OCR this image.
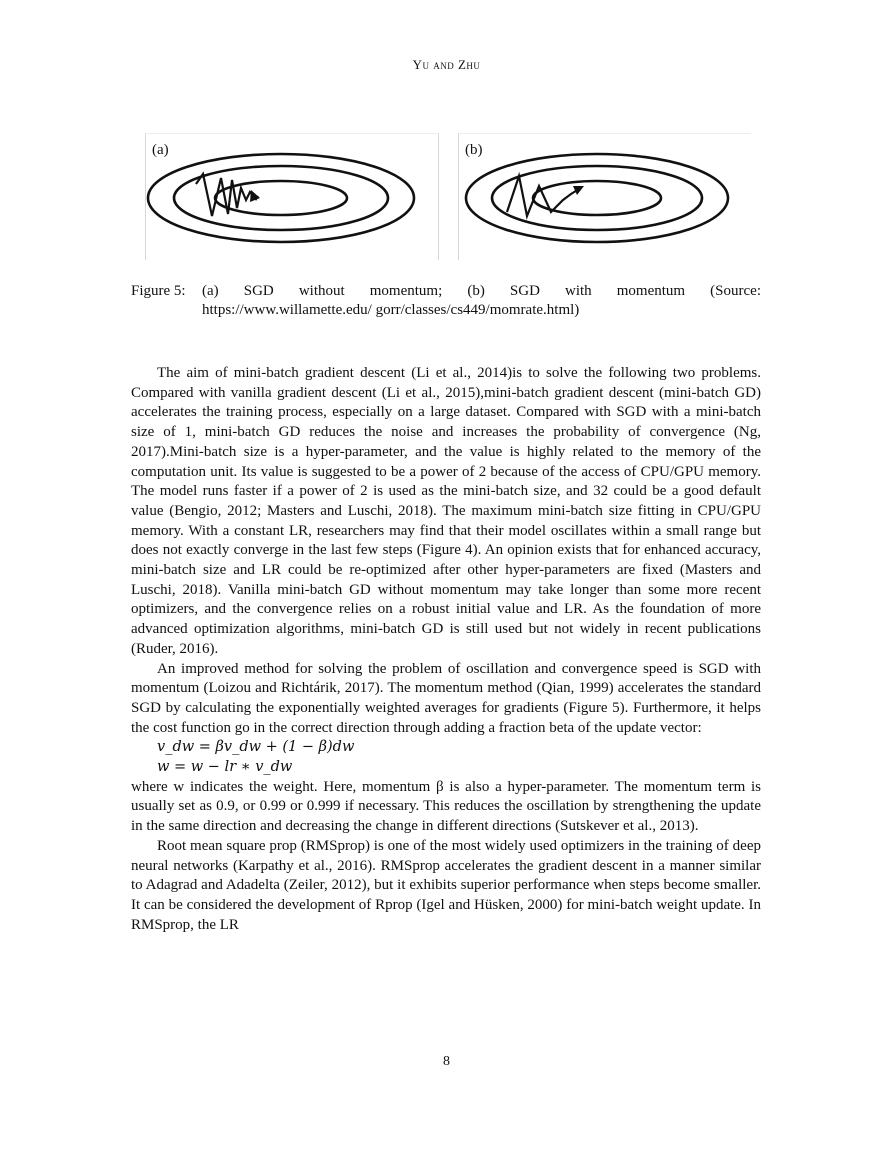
Yu and Zhu
(a)	(b)
Figure 5: (a) SGD without momentum; (b) SGD with momentum (Source:
https://www.willamette.edu/ gorr/classes/cs449/momrate.html)

The aim of mini-batch gradient descent (Li et al., 2014)is to solve the following two problems. Compared with vanilla gradient descent (Li et al., 2015),mini-batch gradient descent (mini-batch GD) accelerates the training process, especially on a large dataset. Compared with SGD with a mini-batch size of 1, mini-batch GD reduces the noise and increases the probability of convergence (Ng, 2017).Mini-batch size is a hyper-parameter, and the value is highly related to the memory of the computation unit. Its value is suggested to be a power of 2 because of the access of CPU/GPU memory. The model runs faster if a power of 2 is used as the mini-batch size, and 32 could be a good default value (Bengio, 2012; Masters and Luschi, 2018). The maximum mini-batch size fitting in CPU/GPU memory. With a constant LR, researchers may find that their model oscillates within a small range but does not exactly converge in the last few steps (Figure 4). An opinion exists that for enhanced accuracy, mini-batch size and LR could be re-optimized after other hyper-parameters are fixed (Masters and Luschi, 2018). Vanilla mini-batch GD without momentum may take longer than some more recent optimizers, and the convergence relies on a robust initial value and LR. As the foundation of more advanced optimization algorithms, mini-batch GD is still used but not widely in recent publications (Ruder, 2016).

An improved method for solving the problem of oscillation and convergence speed is SGD with momentum (Loizou and Richtárik, 2017). The momentum method (Qian, 1999) accelerates the standard SGD by calculating the exponentially weighted averages for gradients (Figure 5). Furthermore, it helps the cost function go in the correct direction through adding a fraction beta of the update vector:

v_dw = βv_dw + (1 − β)dw

w = w − lr ∗ v_dw

where w indicates the weight. Here, momentum β is also a hyper-parameter. The momentum term is usually set as 0.9, or 0.99 or 0.999 if necessary. This reduces the oscillation by strengthening the update in the same direction and decreasing the change in different directions (Sutskever et al., 2013).

Root mean square prop (RMSprop) is one of the most widely used optimizers in the training of deep neural networks (Karpathy et al., 2016). RMSprop accelerates the gradient descent in a manner similar to Adagrad and Adadelta (Zeiler, 2012), but it exhibits superior performance when steps become smaller. It can be considered the development of Rprop (Igel and Hüsken, 2000) for mini-batch weight update. In RMSprop, the LR

8
